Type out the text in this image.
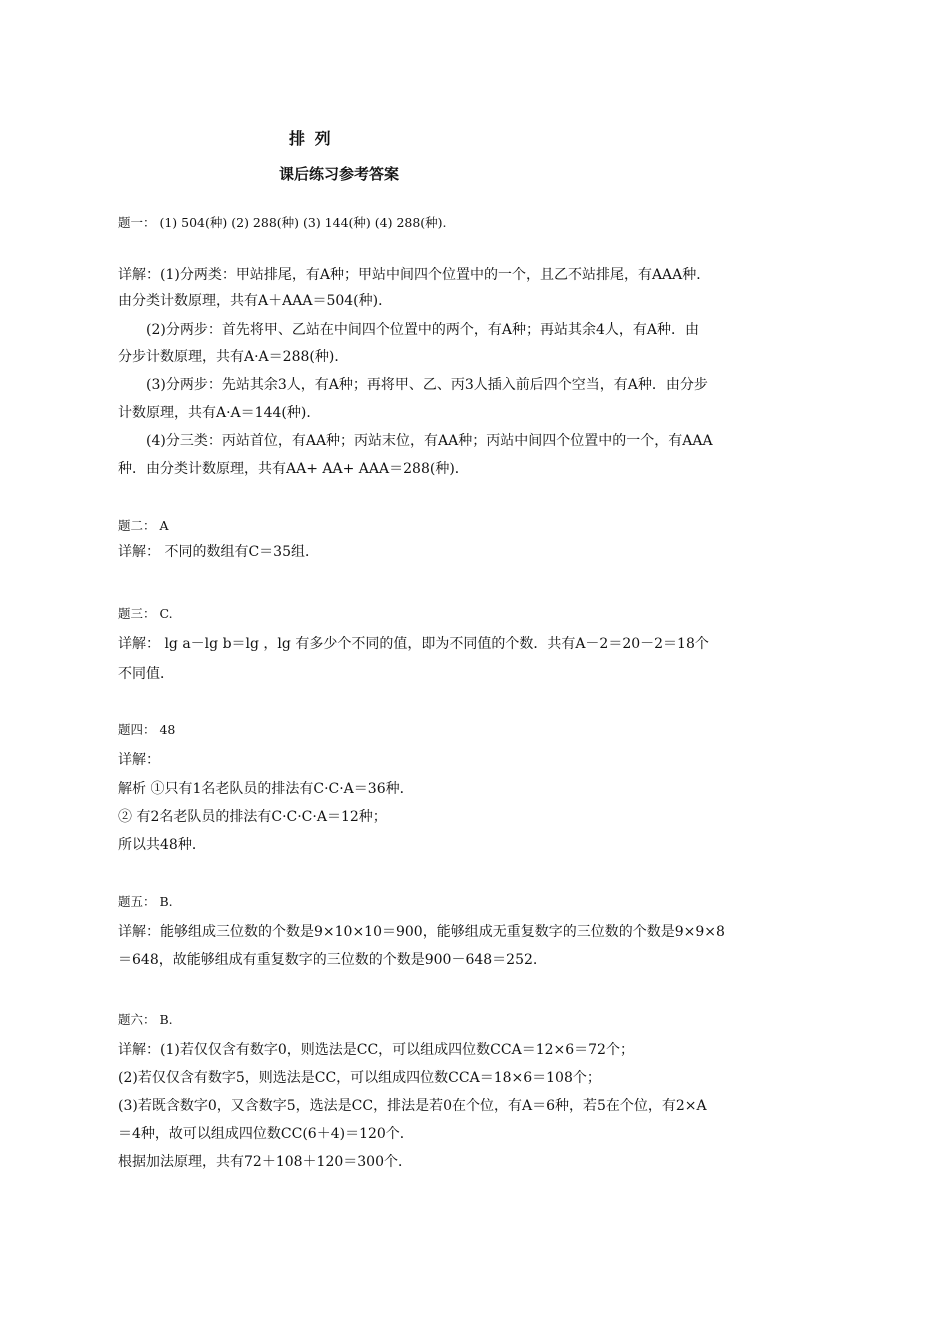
排 列
课后练习参考答案
题一： (1) 504(种) (2) 288(种) (3) 144(种) (4) 288(种).
详解：(1)分两类：甲站排尾，有A种；甲站中间四个位置中的一个，且乙不站排尾，有AAA种．
由分类计数原理，共有A＋AAA＝504(种)．
(2)分两步：首先将甲、乙站在中间四个位置中的两个，有A种；再站其余4人，有A种．由
分步计数原理，共有A·A＝288(种)．
(3)分两步：先站其余3人，有A种；再将甲、乙、丙3人插入前后四个空当，有A种．由分步
计数原理，共有A·A＝144(种)．
(4)分三类：丙站首位，有AA种；丙站末位，有AA种；丙站中间四个位置中的一个，有AAA
种．由分类计数原理，共有AA+ AA+ AAA＝288(种)．
题二： A
详解： 不同的数组有C＝35组．
题三： C.
详解： lg a－lg b＝lg ，lg 有多少个不同的值，即为不同值的个数．共有A－2＝20－2＝18个
不同值．
题四： 48
详解：
解析 ①只有1名老队员的排法有C·C·A＝36种．
② 有2名老队员的排法有C·C·C·A＝12种；
所以共48种．
题五： B.
详解：能够组成三位数的个数是9×10×10＝900，能够组成无重复数字的三位数的个数是9×9×8
＝648，故能够组成有重复数字的三位数的个数是900－648＝252.
题六： B.
详解：(1)若仅仅含有数字0，则选法是CC，可以组成四位数CCA＝12×6＝72个；
(2)若仅仅含有数字5，则选法是CC，可以组成四位数CCA＝18×6＝108个；
(3)若既含数字0，又含数字5，选法是CC，排法是若0在个位，有A＝6种，若5在个位，有2×A
＝4种，故可以组成四位数CC(6＋4)＝120个．
根据加法原理，共有72＋108＋120＝300个．
